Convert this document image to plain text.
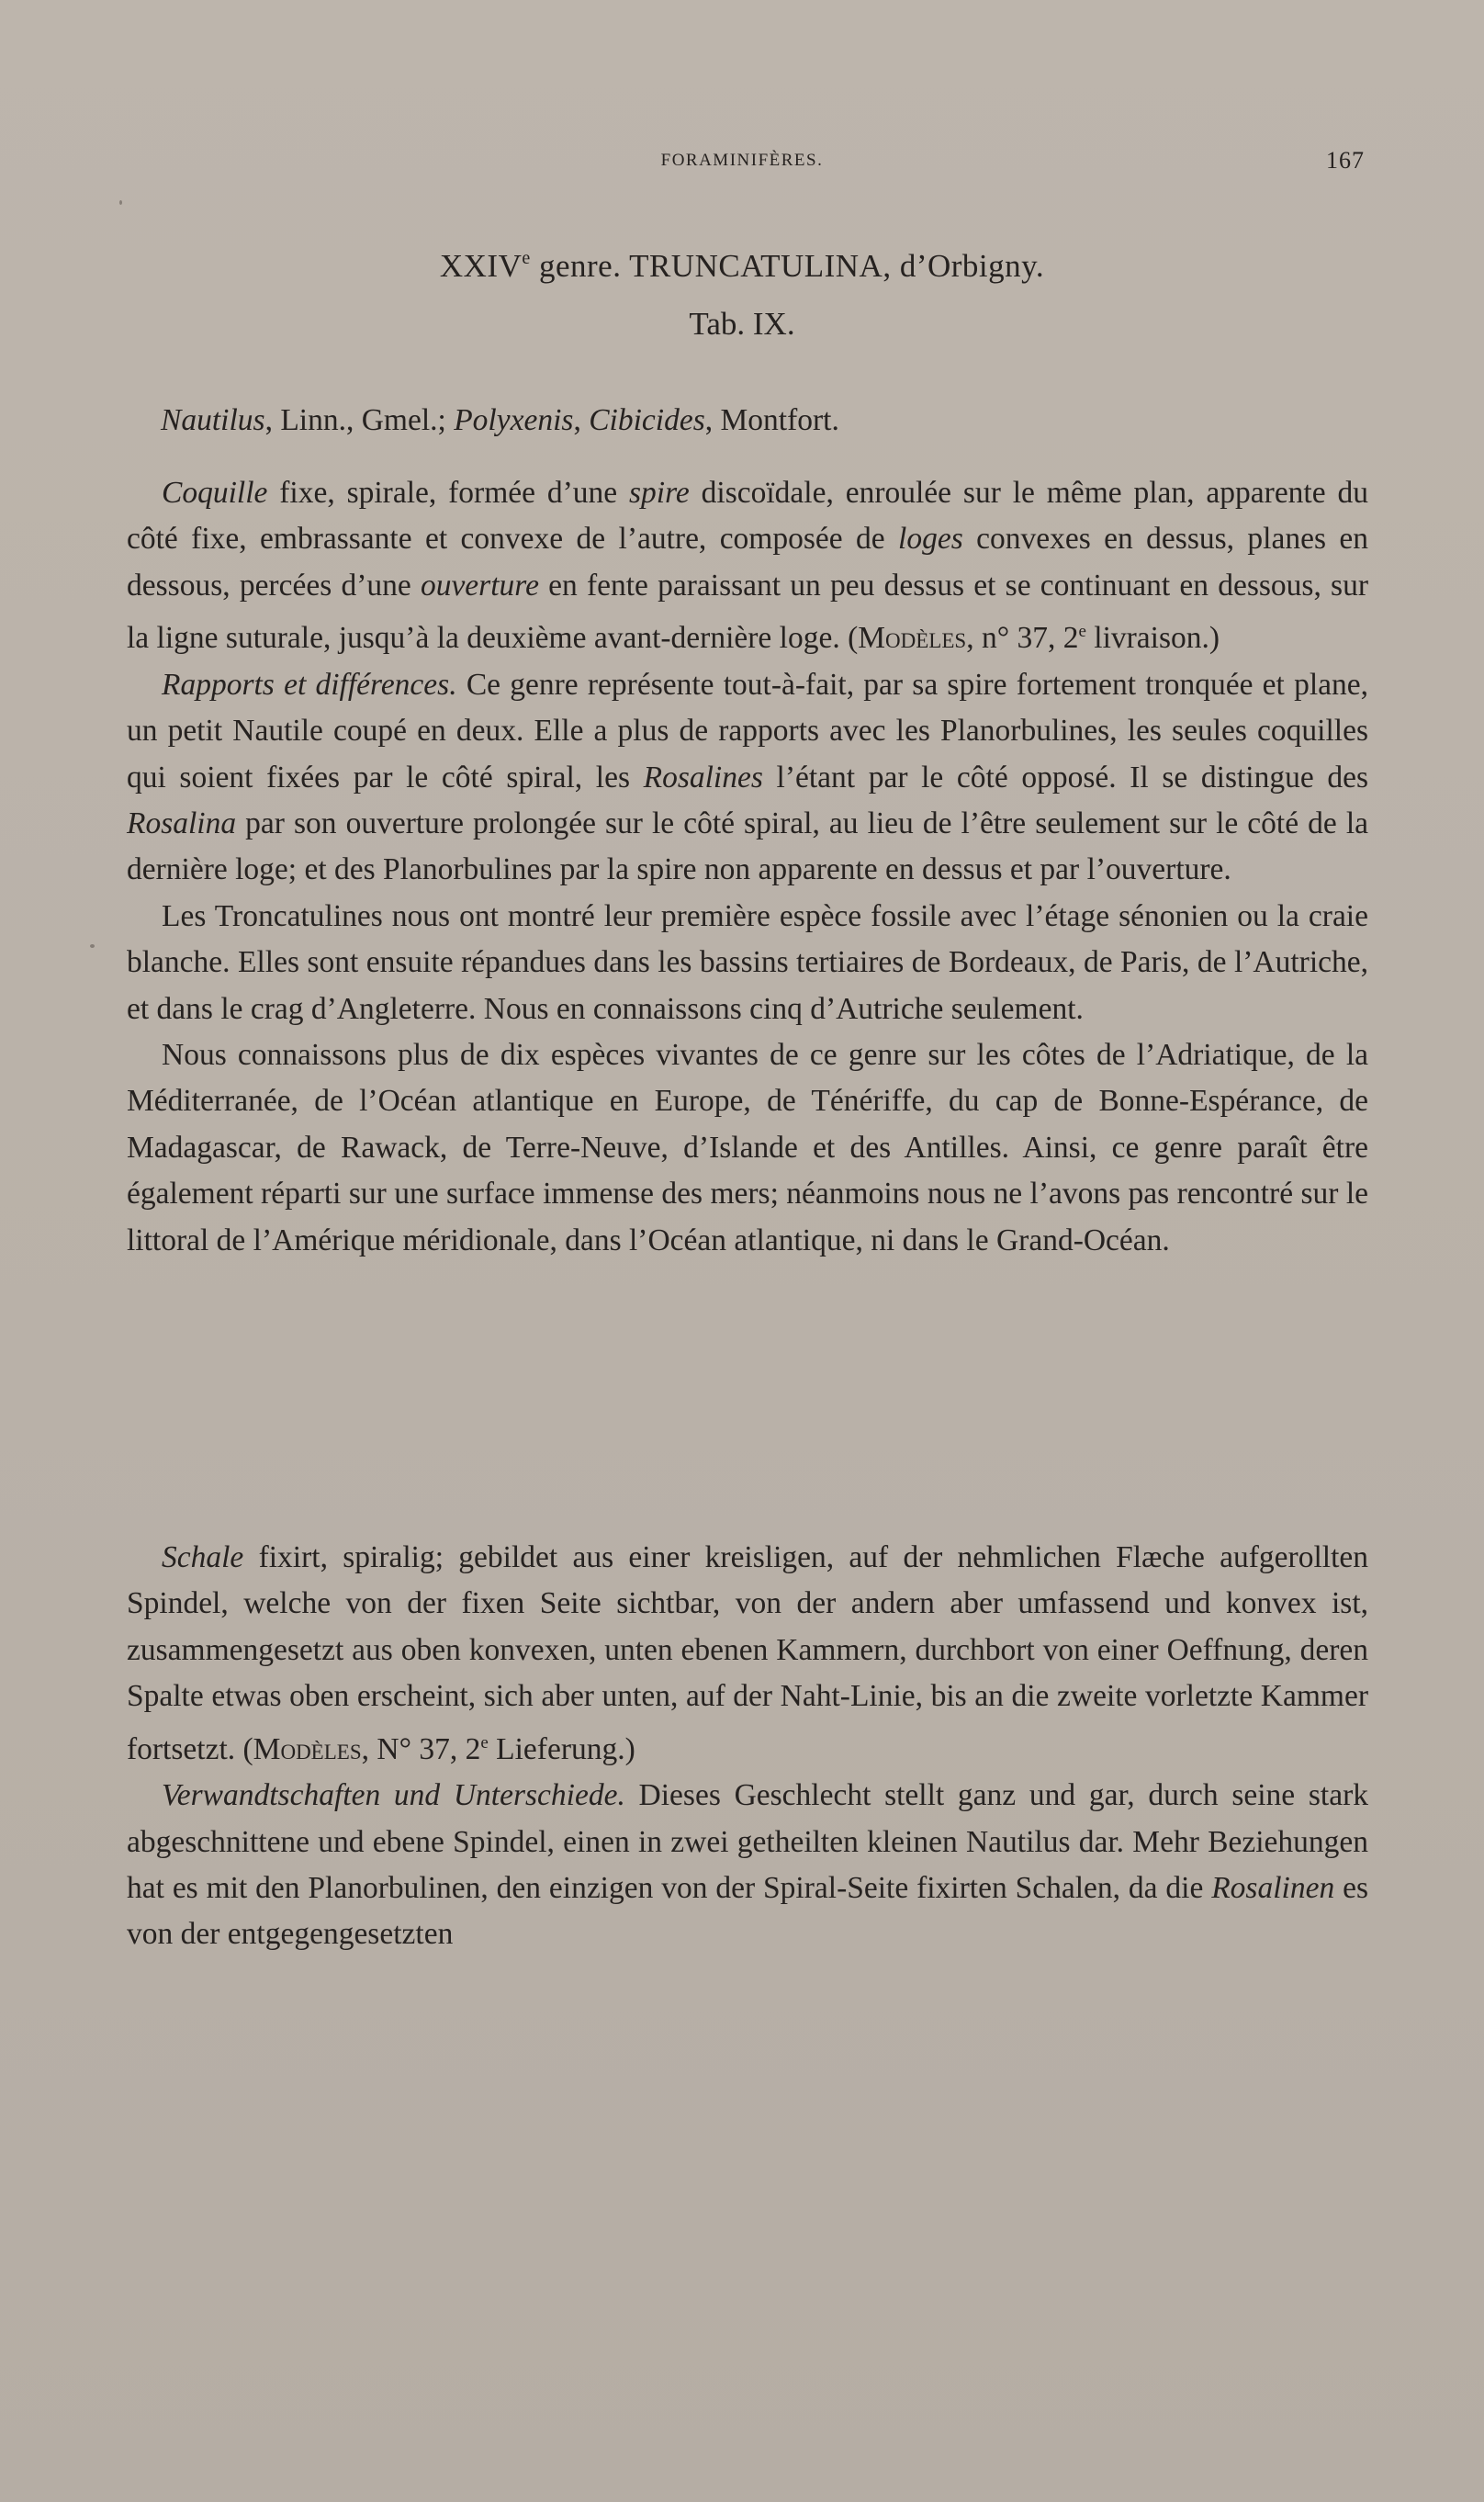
FORAMINIFÈRES.	167
XXIVe genre. TRUNCATULINA, d’Orbigny.
Tab. IX.
Nautilus, Linn., Gmel.; Polyxenis, Cibicides, Montfort.

Coquille fixe, spirale, formée d’une spire discoïdale, enroulée sur le même plan, apparente du côté fixe, embrassante et convexe de l’autre, composée de loges convexes en dessus, planes en dessous, percées d’une ouverture en fente paraissant un peu dessus et se continuant en dessous, sur la ligne suturale, jusqu’à la deuxième avant-dernière loge. (Modèles, n° 37, 2e livraison.)

Rapports et différences. Ce genre représente tout-à-fait, par sa spire fortement tronquée et plane, un petit Nautile coupé en deux. Elle a plus de rapports avec les Planorbulines, les seules coquilles qui soient fixées par le côté spiral, les Rosalines l’étant par le côté opposé. Il se distingue des Rosalina par son ouverture prolongée sur le côté spiral, au lieu de l’être seulement sur le côté de la dernière loge; et des Planorbulines par la spire non apparente en dessus et par l’ouverture.

Les Troncatulines nous ont montré leur première espèce fossile avec l’étage sénonien ou la craie blanche. Elles sont ensuite répandues dans les bassins tertiaires de Bordeaux, de Paris, de l’Autriche, et dans le crag d’Angleterre. Nous en connaissons cinq d’Autriche seulement.

Nous connaissons plus de dix espèces vivantes de ce genre sur les côtes de l’Adriatique, de la Méditerranée, de l’Océan atlantique en Europe, de Ténériffe, du cap de Bonne-Espérance, de Madagascar, de Rawack, de Terre-Neuve, d’Islande et des Antilles. Ainsi, ce genre paraît être également réparti sur une surface immense des mers; néanmoins nous ne l’avons pas rencontré sur le littoral de l’Amérique méridionale, dans l’Océan atlantique, ni dans le Grand-Océan.

Schale fixirt, spiralig; gebildet aus einer kreisligen, auf der nehmlichen Flæche aufgerollten Spindel, welche von der fixen Seite sichtbar, von der andern aber umfassend und konvex ist, zusammengesetzt aus oben konvexen, unten ebenen Kammern, durchbort von einer Oeffnung, deren Spalte etwas oben erscheint, sich aber unten, auf der Naht-Linie, bis an die zweite vorletzte Kammer fortsetzt. (Modèles, N° 37, 2e Lieferung.)

Verwandtschaften und Unterschiede. Dieses Geschlecht stellt ganz und gar, durch seine stark abgeschnittene und ebene Spindel, einen in zwei getheilten kleinen Nautilus dar. Mehr Beziehungen hat es mit den Planorbulinen, den einzigen von der Spiral-Seite fixirten Schalen, da die Rosalinen es von der entgegengesetzten
